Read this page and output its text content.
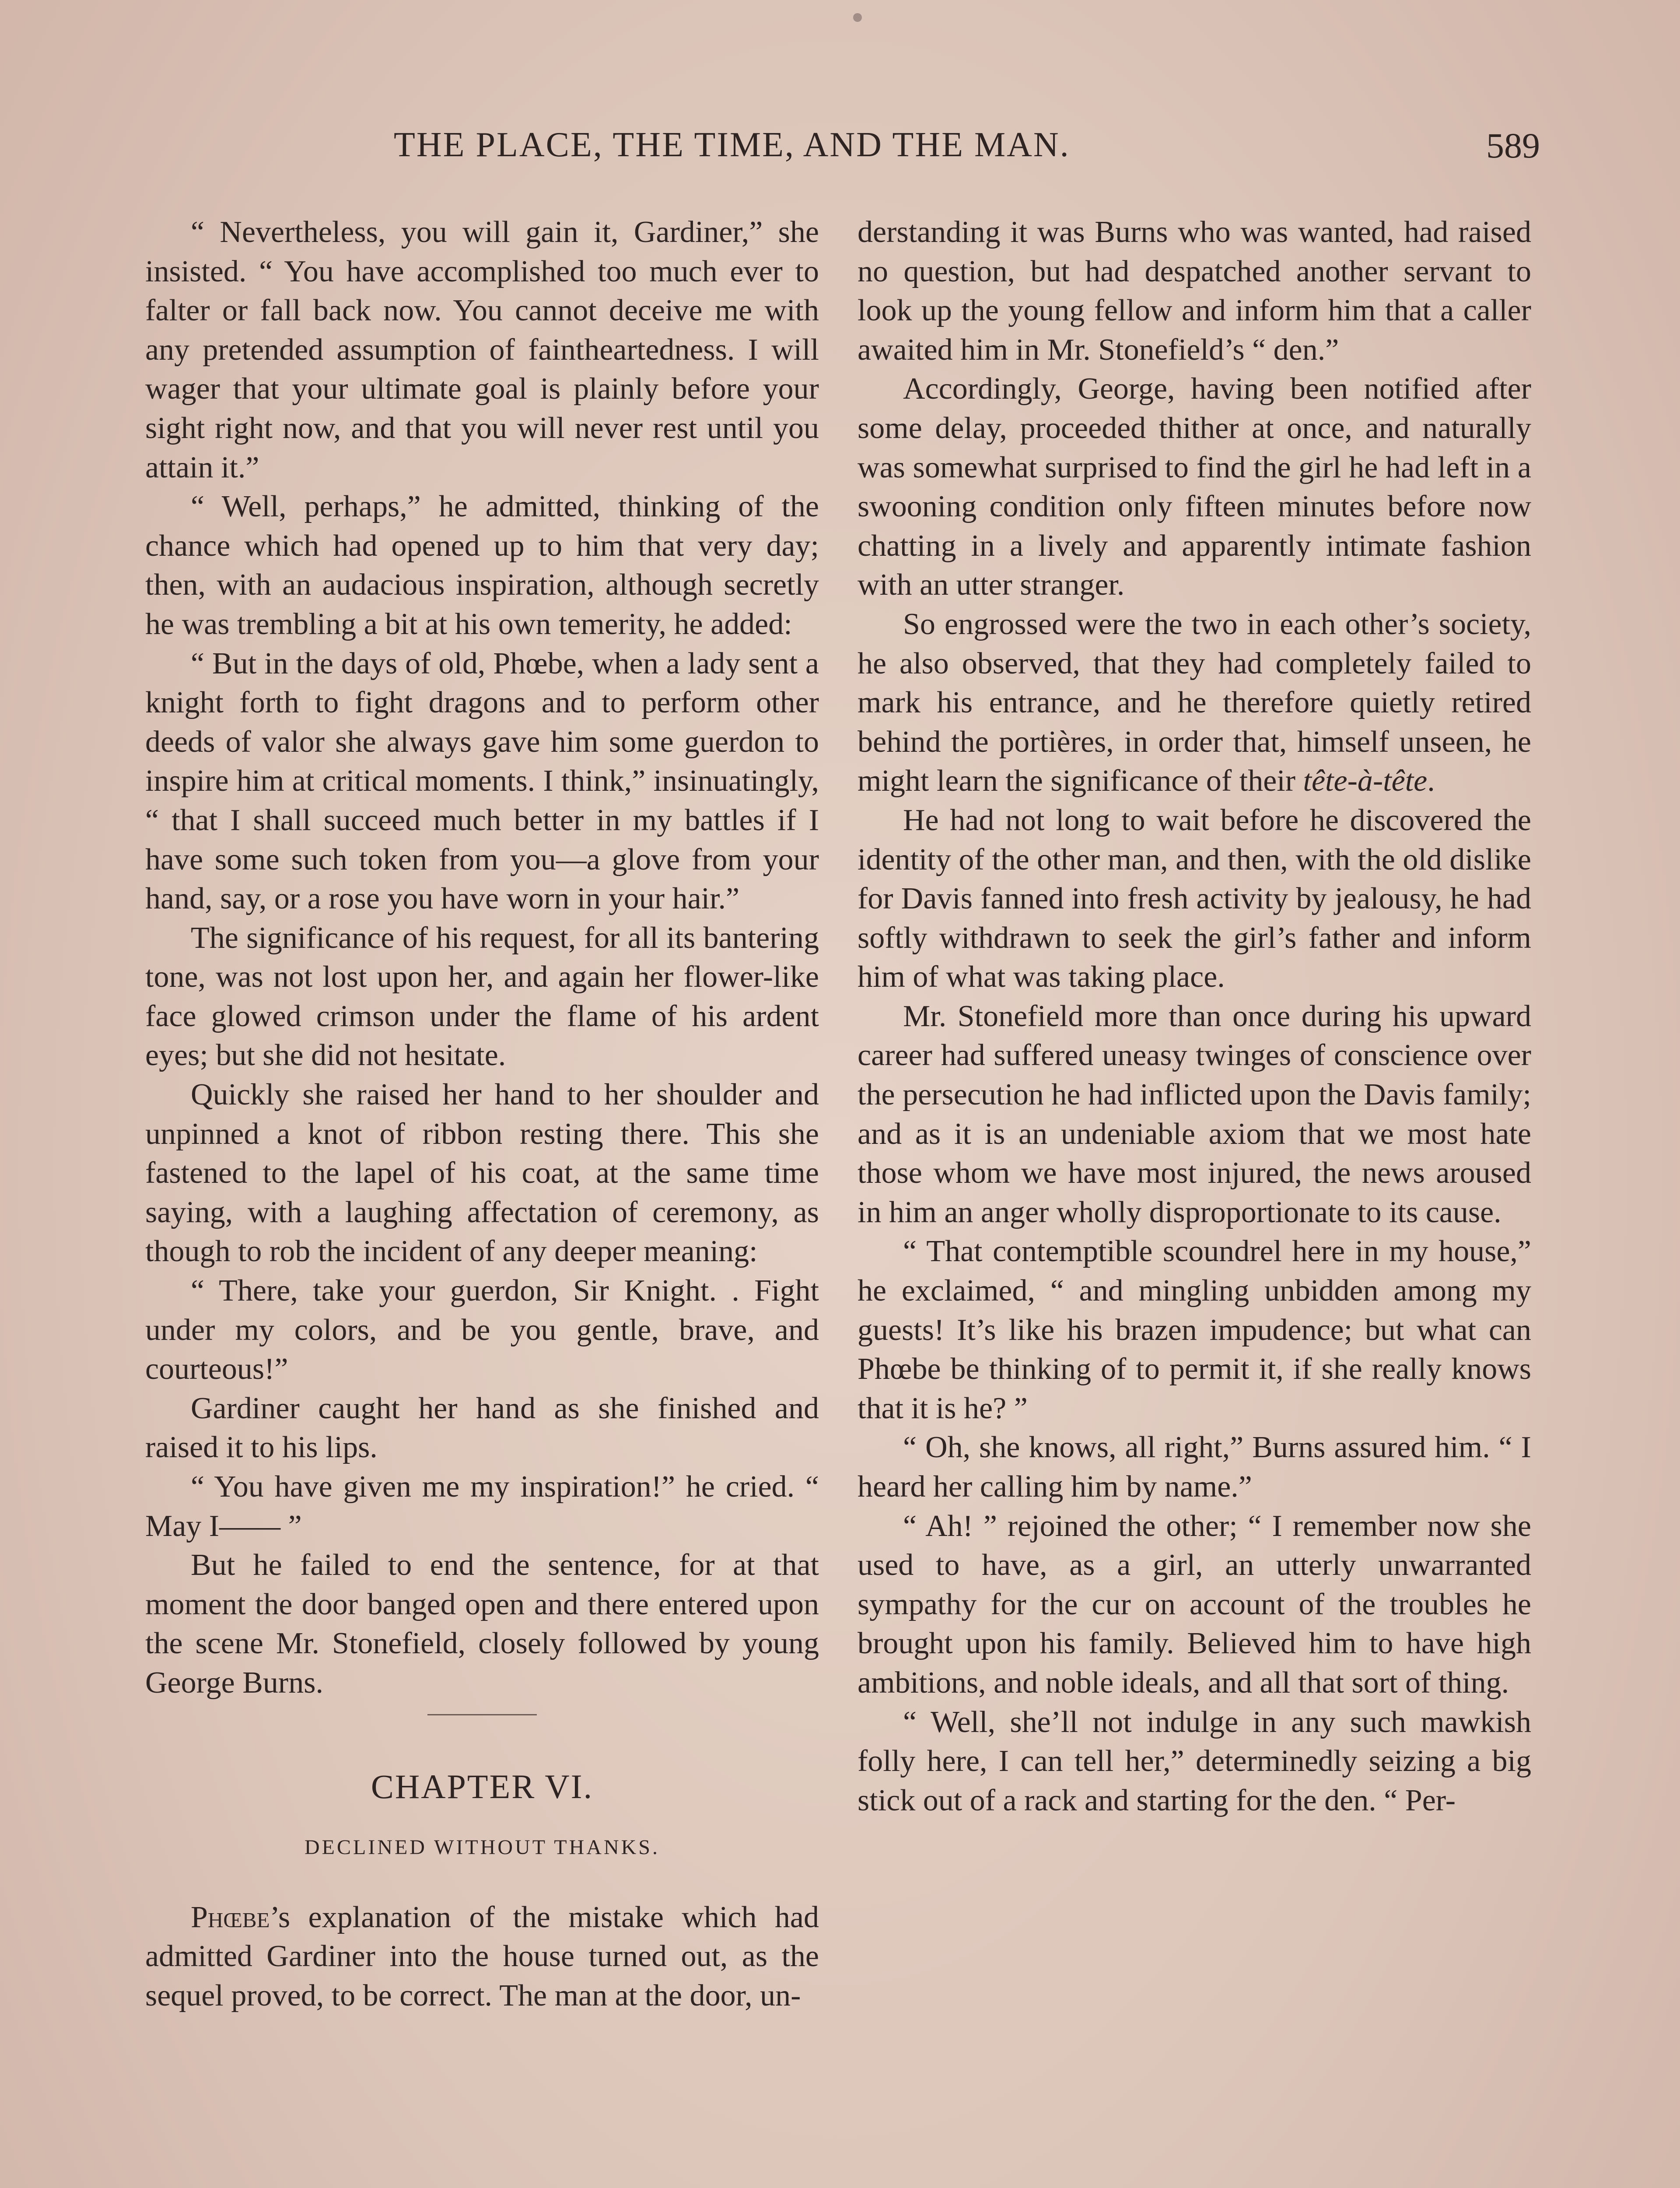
THE PLACE, THE TIME, AND THE MAN.	589

“ Nevertheless, you will gain it, Gardiner,” she insisted. “ You have accomplished too much ever to falter or fall back now. You cannot deceive me with any pretended assumption of faintheartedness. I will wager that your ultimate goal is plainly before your sight right now, and that you will never rest until you attain it.”

“ Well, perhaps,” he admitted, thinking of the chance which had opened up to him that very day; then, with an audacious inspiration, although secretly he was trembling a bit at his own temerity, he added:

“ But in the days of old, Phœbe, when a lady sent a knight forth to fight dragons and to perform other deeds of valor she always gave him some guerdon to inspire him at critical moments. I think,” insinuatingly, “ that I shall succeed much better in my battles if I have some such token from you—a glove from your hand, say, or a rose you have worn in your hair.”

The significance of his request, for all its bantering tone, was not lost upon her, and again her flower-like face glowed crimson under the flame of his ardent eyes; but she did not hesitate.

Quickly she raised her hand to her shoulder and unpinned a knot of ribbon resting there. This she fastened to the lapel of his coat, at the same time saying, with a laughing affectation of ceremony, as though to rob the incident of any deeper meaning:

“ There, take your guerdon, Sir Knight. . Fight under my colors, and be you gentle, brave, and courteous!”

Gardiner caught her hand as she finished and raised it to his lips.

“ You have given me my inspiration!” he cried. “ May I—— ”

But he failed to end the sentence, for at that moment the door banged open and there entered upon the scene Mr. Stonefield, closely followed by young George Burns.

CHAPTER VI.
DECLINED WITHOUT THANKS.

Phœbe’s explanation of the mistake which had admitted Gardiner into the house turned out, as the sequel proved, to be correct. The man at the door, un-

derstanding it was Burns who was wanted, had raised no question, but had despatched another servant to look up the young fellow and inform him that a caller awaited him in Mr. Stonefield’s “ den.”

Accordingly, George, having been notified after some delay, proceeded thither at once, and naturally was somewhat surprised to find the girl he had left in a swooning condition only fifteen minutes before now chatting in a lively and apparently intimate fashion with an utter stranger.

So engrossed were the two in each other’s society, he also observed, that they had completely failed to mark his entrance, and he therefore quietly retired behind the portières, in order that, himself unseen, he might learn the significance of their tête-à-tête.

He had not long to wait before he discovered the identity of the other man, and then, with the old dislike for Davis fanned into fresh activity by jealousy, he had softly withdrawn to seek the girl’s father and inform him of what was taking place.

Mr. Stonefield more than once during his upward career had suffered uneasy twinges of conscience over the persecution he had inflicted upon the Davis family; and as it is an undeniable axiom that we most hate those whom we have most injured, the news aroused in him an anger wholly disproportionate to its cause.

“ That contemptible scoundrel here in my house,” he exclaimed, “ and mingling unbidden among my guests! It’s like his brazen impudence; but what can Phœbe be thinking of to permit it, if she really knows that it is he? ”

“ Oh, she knows, all right,” Burns assured him. “ I heard her calling him by name.”

“ Ah! ” rejoined the other; “ I remember now she used to have, as a girl, an utterly unwarranted sympathy for the cur on account of the troubles he brought upon his family. Believed him to have high ambitions, and noble ideals, and all that sort of thing.

“ Well, she’ll not indulge in any such mawkish folly here, I can tell her,” determinedly seizing a big stick out of a rack and starting for the den. “ Per-
